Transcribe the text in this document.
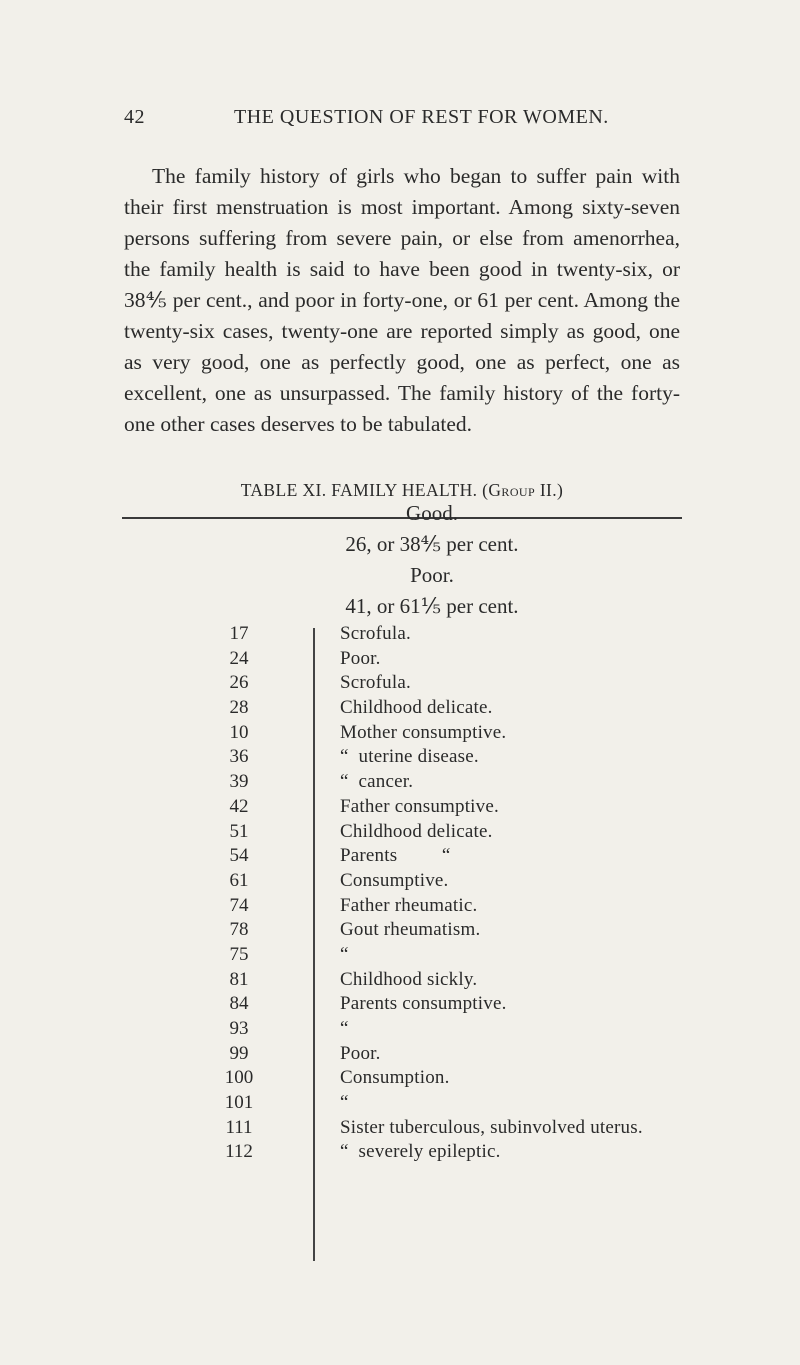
42	THE QUESTION OF REST FOR WOMEN.

The family history of girls who began to suffer pain with their first menstruation is most important. Among sixty-seven persons suffering from severe pain, or else from amenorrhea, the family health is said to have been good in twenty-six, or 38⅘ per cent., and poor in forty-one, or 61 per cent. Among the twenty-six cases, twenty-one are reported simply as good, one as very good, one as perfectly good, one as perfect, one as excellent, one as unsurpassed. The family history of the forty-one other cases deserves to be tabulated.

TABLE XI. FAMILY HEALTH. (Group II.)
Good.
26, or 38⅘ per cent.
Poor.
41, or 61⅕ per cent.
17	Scrofula.
24	Poor.
26	Scrofula.
28	Childhood delicate.
10	Mother consumptive.
36	“  uterine disease.
39	“  cancer.
42	Father consumptive.
51	Childhood delicate.
54	Parents         “
61	Consumptive.
74	Father rheumatic.
78	Gout rheumatism.
75	“
81	Childhood sickly.
84	Parents consumptive.
93	“
99	Poor.
100	Consumption.
101	“
111	Sister tuberculous, subinvolved uterus.
112	“  severely epileptic.
